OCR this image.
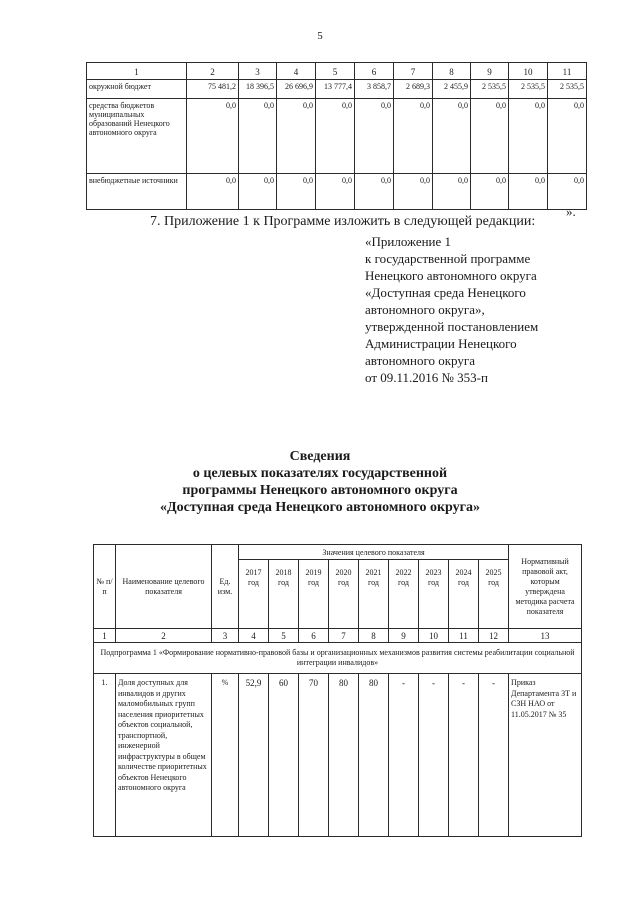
5
1	2	3	4	5	6	7	8	9	10	11
окружной бюджет	75 481,2	18 396,5	26 696,9	13 777,4	3 858,7	2 689,3	2 455,9	2 535,5	2 535,5	2 535,5
средства бюджетов муниципальных образований Ненецкого автономного округа	0,0	0,0	0,0	0,0	0,0	0,0	0,0	0,0	0,0	0,0
внебюджетные источники	0,0	0,0	0,0	0,0	0,0	0,0	0,0	0,0	0,0	0,0
».
7. Приложение 1 к Программе изложить в следующей редакции:
«Приложение 1
к государственной программе
Ненецкого автономного округа
«Доступная среда Ненецкого
автономного округа»,
утвержденной постановлением
Администрации Ненецкого
автономного округа
от 09.11.2016 № 353-п
Сведения
о целевых показателях государственной
программы Ненецкого автономного округа
«Доступная среда Ненецкого автономного округа»
№ п/п	Наименование целевого показателя	Ед. изм.	Значения целевого показателя									Нормативный правовой акт, которым утверждена методика расчета показателя
			2017 год	2018 год	2019 год	2020 год	2021 год	2022 год	2023 год	2024 год	2025 год	
1	2	3	4	5	6	7	8	9	10	11	12	13
Подпрограмма 1 «Формирование нормативно-правовой базы и организационных механизмов развития системы реабилитации социальной интеграции инвалидов»												
1.	Доля доступных для инвалидов и других маломобильных групп населения приоритетных объектов социальной, транспортной, инженерной инфраструктуры в общем количестве приоритетных объектов Ненецкого автономного округа	%	52,9	60	70	80	80	-	-	-	-	Приказ Департамента ЗТ и СЗН НАО от 11.05.2017 № 35
